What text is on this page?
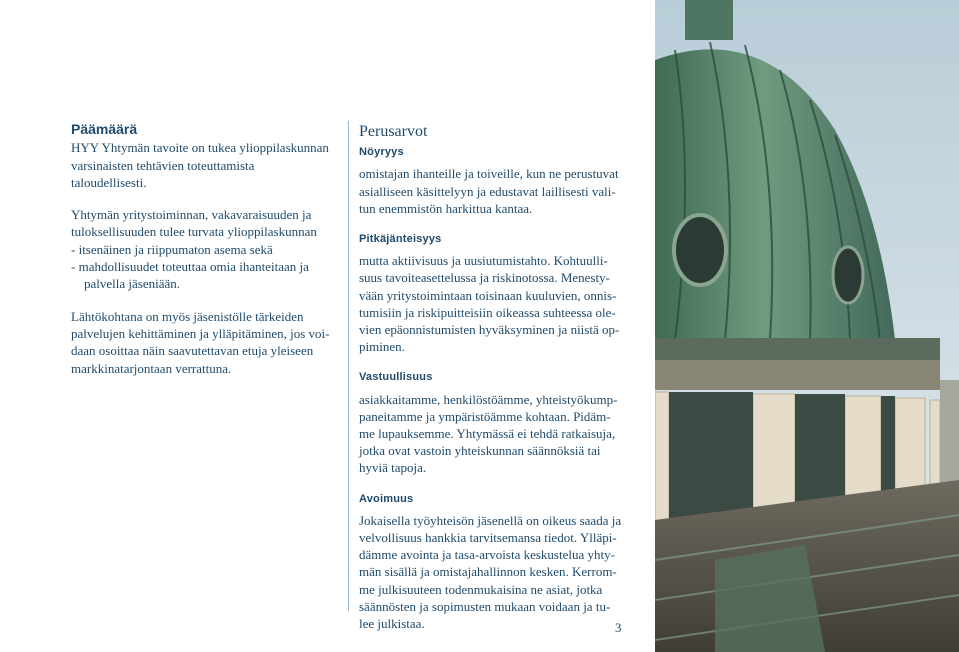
Päämäärä

HYY Yhtymän tavoite on tukea ylioppilaskunnan
varsinaisten tehtävien toteuttamista taloudellisesti.

Yhtymän yritystoiminnan, vakavaraisuuden ja
tuloksellisuuden tulee turvata ylioppilaskunnan
- itsenäinen ja riippumaton asema sekä
- mahdollisuudet toteuttaa omia ihanteitaan ja palvella jäseniään.

Lähtökohtana on myös jäsenistölle tärkeiden
palvelujen kehittäminen ja ylläpitäminen, jos voi-
daan osoittaa näin saavutettavan etuja yleiseen
markkinatarjontaan verrattuna.

Perusarvot
Nöyryys
omistajan ihanteille ja toiveille, kun ne perustuvat
asialliseen käsittelyyn ja edustavat laillisesti vali-
tun enemmistön harkittua kantaa.
Pitkäjänteisyys
mutta aktiivisuus ja uusiutumistahto. Kohtuulli-
suus tavoiteasettelussa ja riskinotossa. Menesty-
vään yritystoimintaan toisinaan kuuluvien, onnis-
tumisiin ja riskipuitteisiin oikeassa suhteessa ole-
vien epäonnistumisten hyväksyminen ja niistä op-
piminen.
Vastuullisuus
asiakkaitamme, henkilöstöämme, yhteistyökump-
paneitamme ja ympäristöämme kohtaan. Pidäm-
me lupauksemme. Yhtymässä ei tehdä ratkaisuja,
jotka ovat vastoin yhteiskunnan säännöksiä tai
hyviä tapoja.
Avoimuus
Jokaisella työyhteisön jäsenellä on oikeus saada ja
velvollisuus hankkia tarvitsemansa tiedot. Ylläpi-
dämme avointa ja tasa-arvoista keskustelua yhty-
män sisällä ja omistajahallinnon kesken. Kerrom-
me julkisuuteen todenmukaisina ne asiat, jotka
säännösten ja sopimusten mukaan voidaan ja tu-
lee julkistaa.	3
